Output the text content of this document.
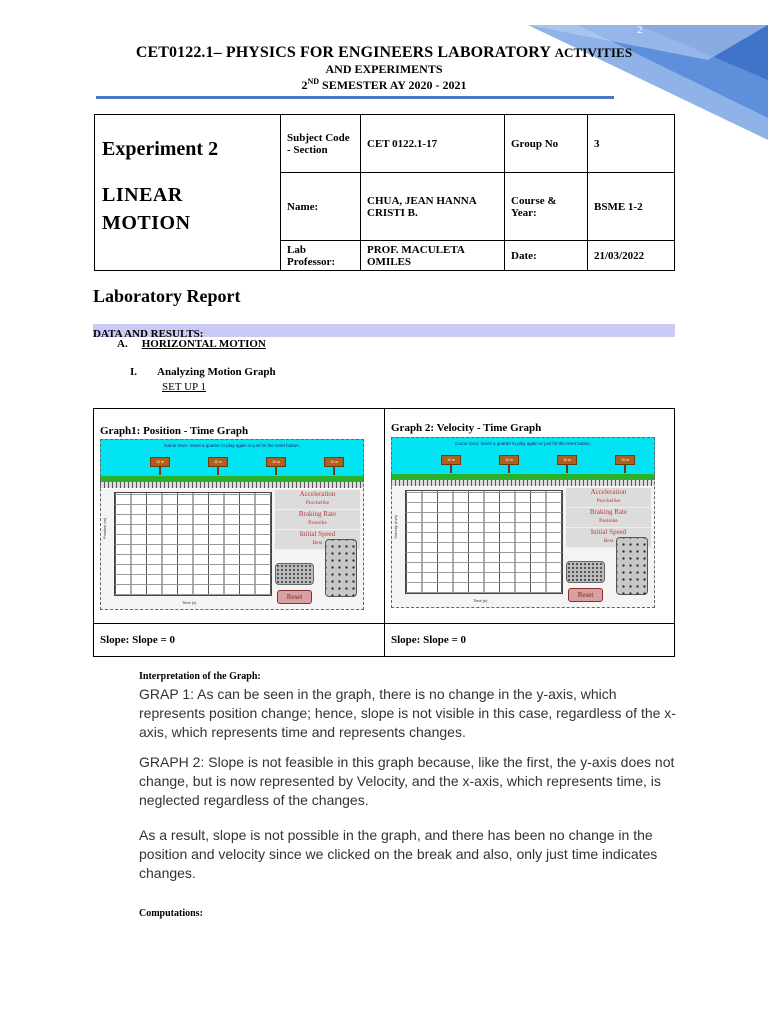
2
CET0122.1– PHYSICS FOR ENGINEERS LABORATORY ACTIVITIES
AND EXPERIMENTS
2ND SEMESTER AY 2020 - 2021
Experiment 2
LINEAR
MOTION	Subject Code - Section	CET 0122.1-17	Group No	3
	Name:	CHUA, JEAN HANNA CRISTI B.	Course & Year:	BSME 1-2
	Lab Professor:	PROF. MACULETA OMILES	Date:	21/03/2022
Laboratory Report
DATA AND RESULTS:
A. HORIZONTAL MOTION
I. Analyzing Motion Graph
SET UP 1
Graph1: Position - Time Graph	Graph 2: Velocity - Time Graph
Game Over. Insert a quarter to play again or just hit the reset button.
10 m	10 m	10 m	10 m
Position (m)
Time (s)
Acceleration
Porchelike
Braking Rate
Pastoike
Initial Speed
Rest
Reset
Game Over. Insert a quarter to play again or just hit the reset button.
10 m	10 m	10 m	10 m
Velocity (m/s)
Time (s)
Acceleration
Porchelike
Braking Rate
Pastoike
Initial Speed
Rest
Reset
Slope: Slope = 0	Slope: Slope = 0
Interpretation of the Graph:
GRAP 1: As can be seen in the graph, there is no change in the y-axis, which represents position change; hence, slope is not visible in this case, regardless of the x-axis, which represents time and represents changes.
GRAPH 2: Slope is not feasible in this graph because, like the first, the y-axis does not change, but is now represented by Velocity, and the x-axis, which represents time, is neglected regardless of the changes.
As a result, slope is not possible in the graph, and there has been no change in the position and velocity since we clicked on the break and also, only just time indicates changes.
Computations:
